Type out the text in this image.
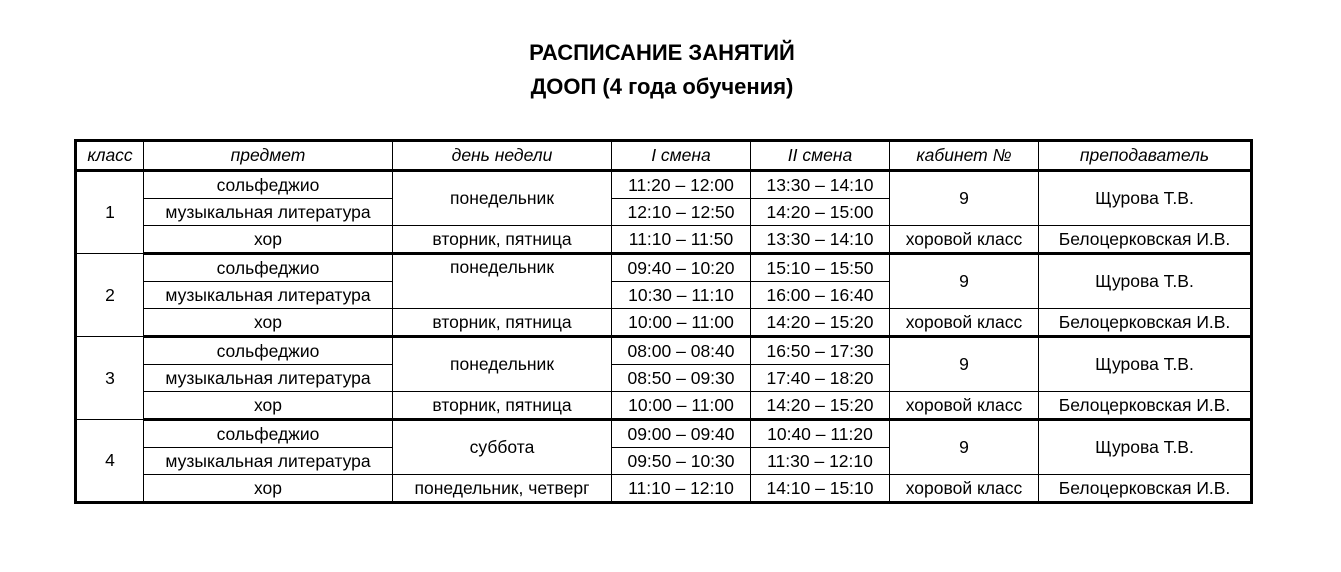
РАСПИСАНИЕ ЗАНЯТИЙ
ДООП (4 года обучения)
класс	предмет	день недели	I смена	II смена	кабинет №	преподаватель
1	сольфеджио	понедельник	11:20 – 12:00	13:30 – 14:10	9	Щурова Т.В.
	музыкальная литература		12:10 – 12:50	14:20 – 15:00		
	хор	вторник, пятница	11:10 – 11:50	13:30 – 14:10	хоровой класс	Белоцерковская И.В.
2	сольфеджио	понедельник	09:40 – 10:20	15:10 – 15:50	9	Щурова Т.В.
	музыкальная литература		10:30 – 11:10	16:00 – 16:40		
	хор	вторник, пятница	10:00 – 11:00	14:20 – 15:20	хоровой класс	Белоцерковская И.В.
3	сольфеджио	понедельник	08:00 – 08:40	16:50 – 17:30	9	Щурова Т.В.
	музыкальная литература		08:50 – 09:30	17:40 – 18:20		
	хор	вторник, пятница	10:00 – 11:00	14:20 – 15:20	хоровой класс	Белоцерковская И.В.
4	сольфеджио	суббота	09:00 – 09:40	10:40 – 11:20	9	Щурова Т.В.
	музыкальная литература		09:50 – 10:30	11:30 – 12:10		
	хор	понедельник, четверг	11:10 – 12:10	14:10 – 15:10	хоровой класс	Белоцерковская И.В.
